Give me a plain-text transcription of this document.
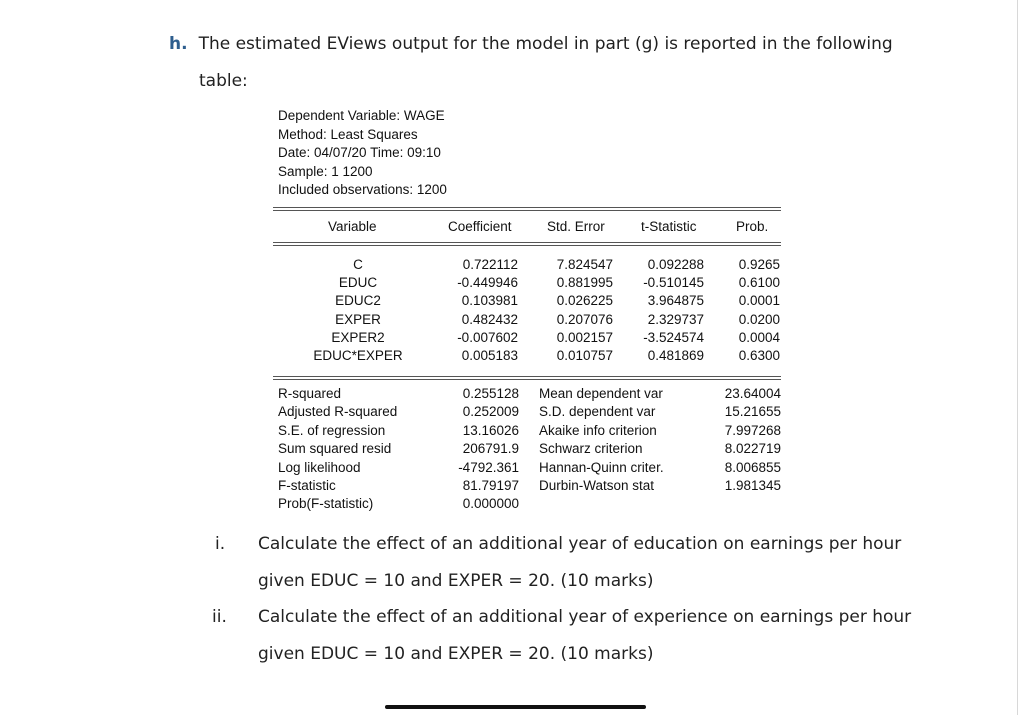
h. The estimated EViews output for the model in part (g) is reported in the following
table:
Dependent Variable: WAGE
Method: Least Squares
Date: 04/07/20 Time: 09:10
Sample: 1 1200
Included observations: 1200
Variable	Coefficient	Std. Error	t-Statistic	Prob.
C	0.722112	7.824547	0.092288	0.9265
EDUC	-0.449946	0.881995 -0.510145	0.6100
EDUC2	0.103981	0.026225	3.964875	0.0001
EXPER	0.482432	0.207076	2.329737	0.0200
EXPER2	-0.007602	0.002157 -3.524574	0.0004
EDUC*EXPER	0.005183	0.010757	0.481869	0.6300
R-squared	0.255128 Mean dependent var	23.64004
Adjusted R-squared	0.252009 S.D. dependent var	15.21655
S.E. of regression	13.16026 Akaike info criterion	7.997268
Sum squared resid	206791.9 Schwarz criterion	8.022719
Log likelihood	-4792.361 Hannan-Quinn criter.	8.006855
F-statistic	81.79197 Durbin-Watson stat	1.981345
Prob(F-statistic)	0.000000
i. Calculate the effect of an additional year of education on earnings per hour
given EDUC = 10 and EXPER = 20. (10 marks)
ii. Calculate the effect of an additional year of experience on earnings per hour
given EDUC = 10 and EXPER = 20. (10 marks)
